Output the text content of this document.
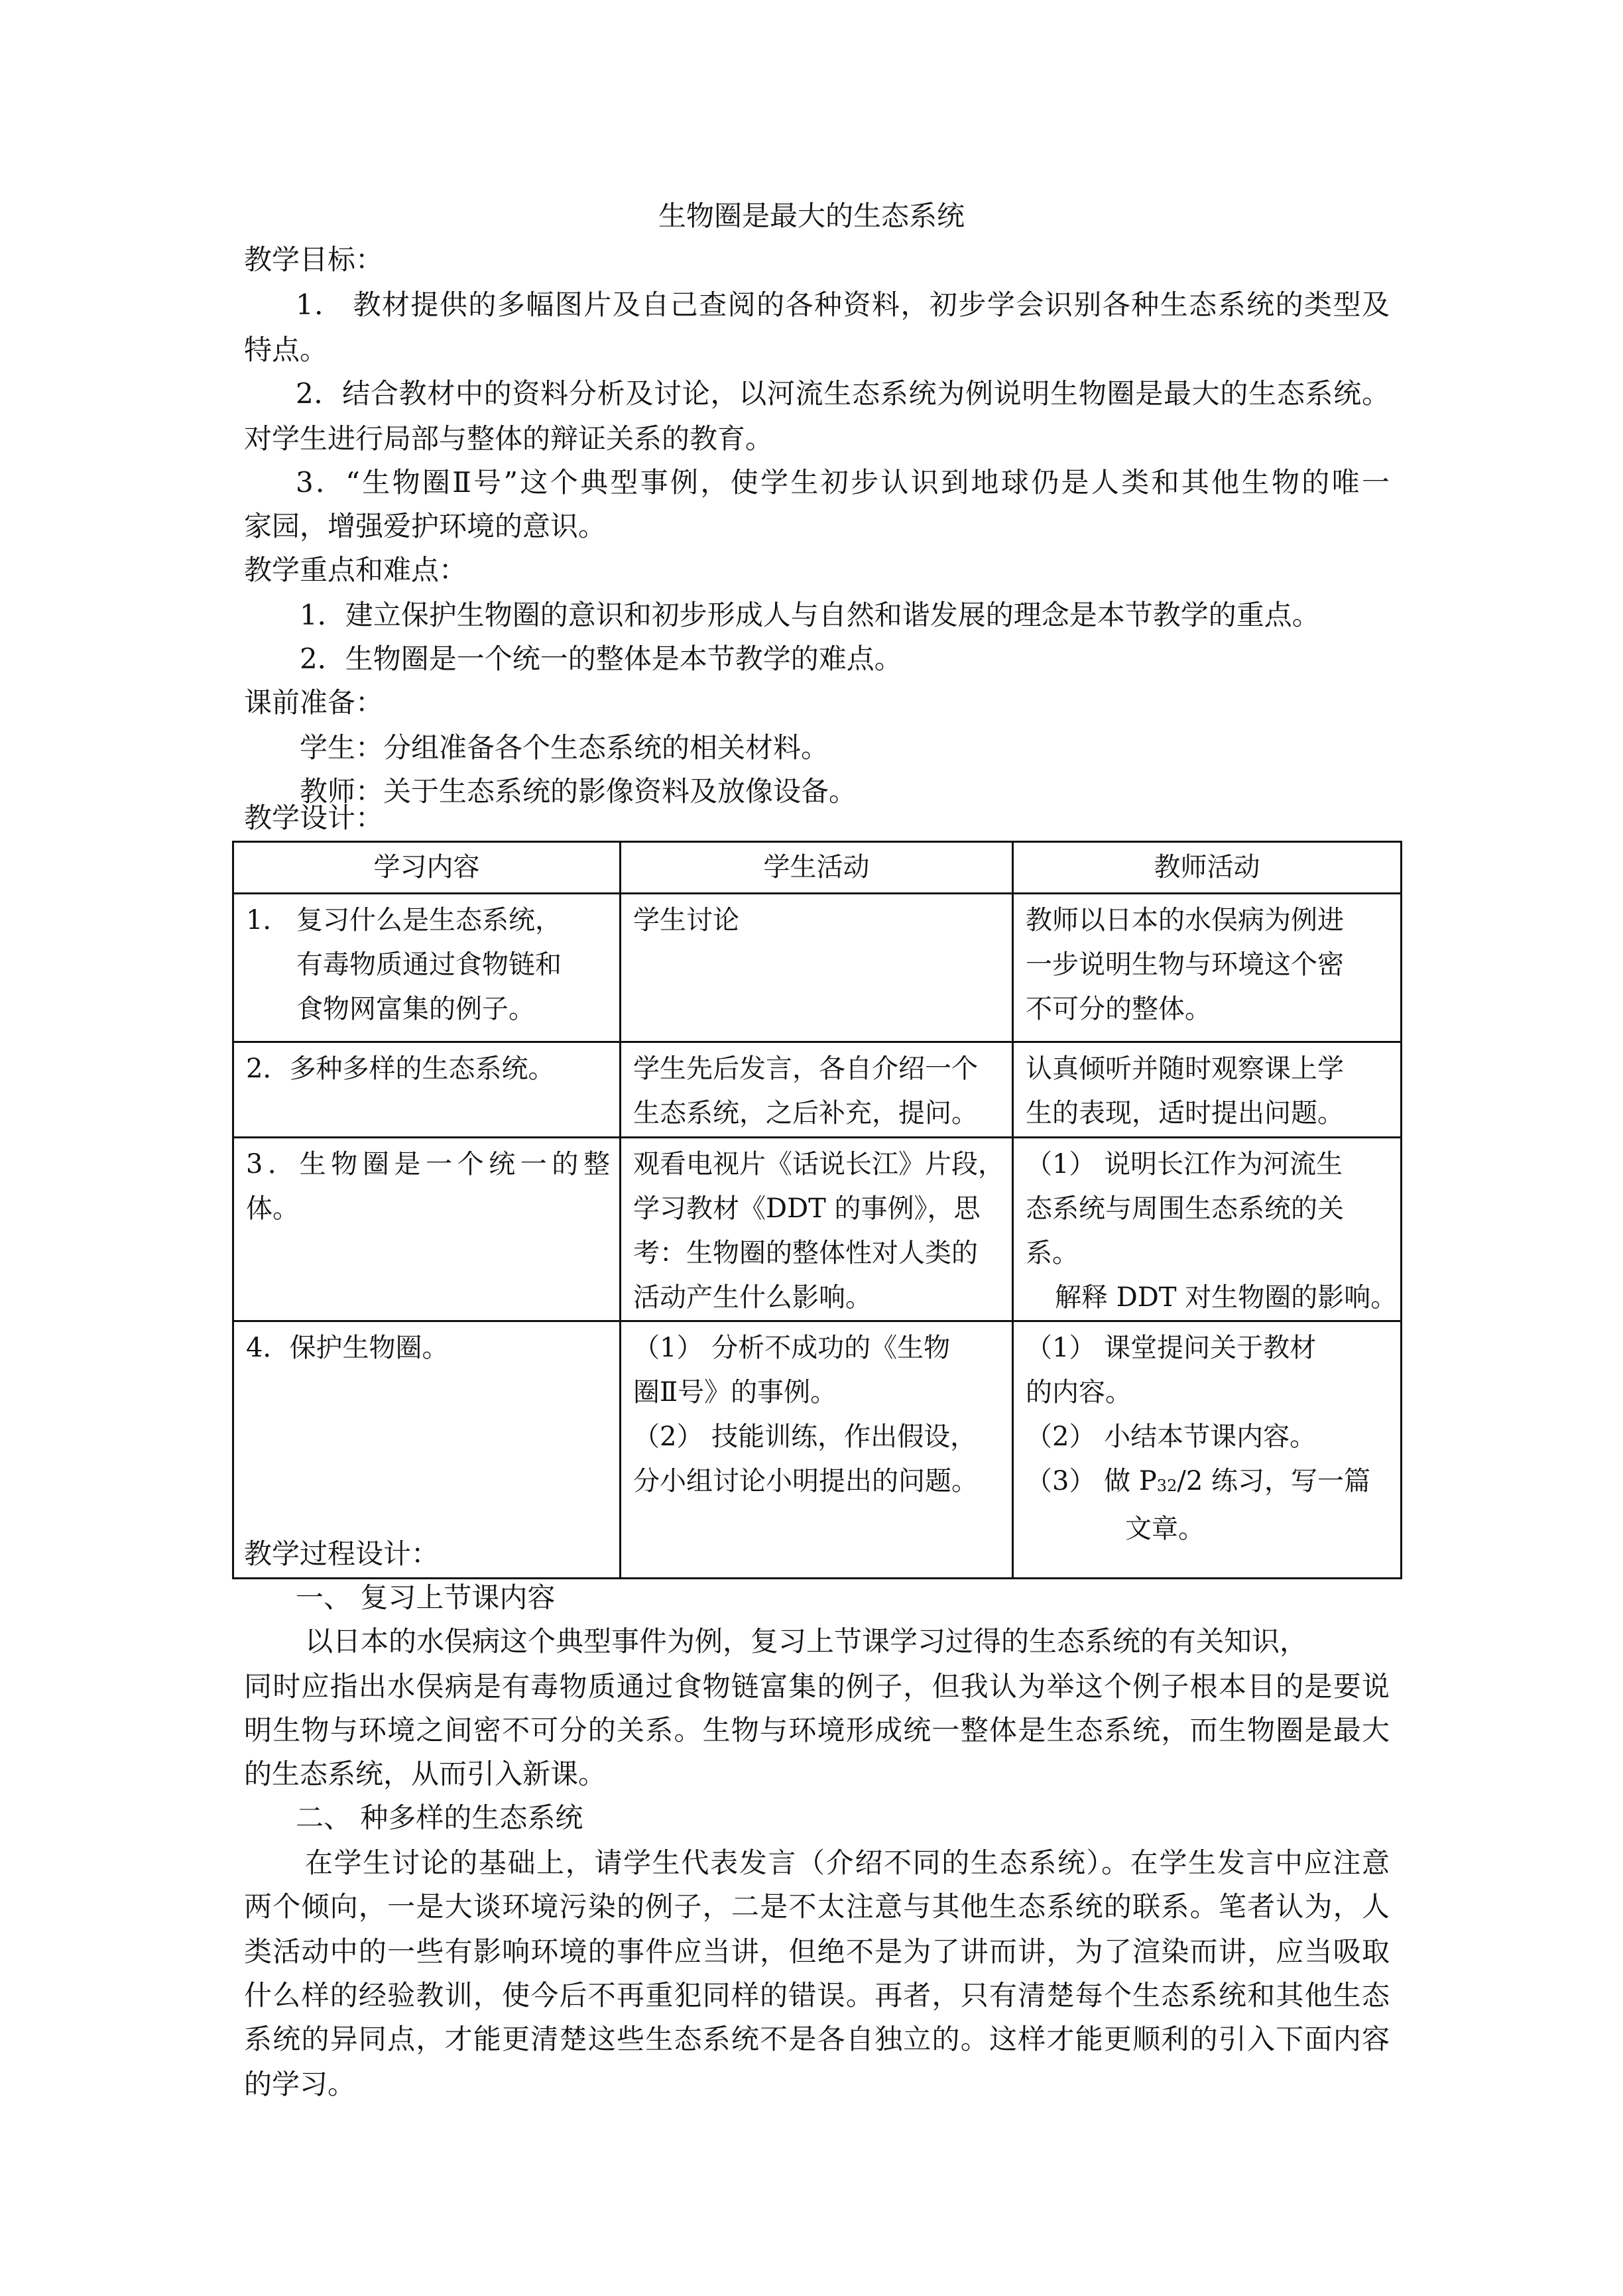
生物圈是最大的生态系统
教学目标：
1． 教材提供的多幅图片及自己查阅的各种资料，初步学会识别各种生态系统的类型及
特点。
2．结合教材中的资料分析及讨论，以河流生态系统为例说明生物圈是最大的生态系统。
对学生进行局部与整体的辩证关系的教育。
3．“生物圈Ⅱ号”这个典型事例，使学生初步认识到地球仍是人类和其他生物的唯一
家园，增强爱护环境的意识。
教学重点和难点：
1．建立保护生物圈的意识和初步形成人与自然和谐发展的理念是本节教学的重点。
2．生物圈是一个统一的整体是本节教学的难点。
课前准备：
学生：分组准备各个生态系统的相关材料。
教师：关于生态系统的影像资料及放像设备。
教学设计：
学习内容	学生活动	教师活动

1． 复习什么是生态系统，
有毒物质通过食物链和
食物网富集的例子。	学生讨论	教师以日本的水俣病为例进
一步说明生物与环境这个密
不可分的整体。

2．多种多样的生态系统。	学生先后发言，各自介绍一个
生态系统，之后补充，提问。	认真倾听并随时观察课上学
生的表现，适时提出问题。

3．生物圈是一个统一的整
体。	观看电视片《话说长江》片段，
学习教材《DDT 的事例》，思
考：生物圈的整体性对人类的
活动产生什么影响。	（1） 说明长江作为河流生
态系统与周围生态系统的关
系。
解释 DDT 对生物圈的影响。

4．保护生物圈。	（1） 分析不成功的《生物
圈Ⅱ号》的事例。
（2） 技能训练，作出假设，
分小组讨论小明提出的问题。	（1） 课堂提问关于教材
的内容。
（2） 小结本节课内容。
（3） 做 $P_{32}/2$ 练习，写一篇
文章。
教学过程设计：
一、 复习上节课内容
以日本的水俣病这个典型事件为例，复习上节课学习过得的生态系统的有关知识，
同时应指出水俣病是有毒物质通过食物链富集的例子，但我认为举这个例子根本目的是要说
明生物与环境之间密不可分的关系。生物与环境形成统一整体是生态系统，而生物圈是最大
的生态系统，从而引入新课。
二、 种多样的生态系统
在学生讨论的基础上，请学生代表发言（介绍不同的生态系统）。在学生发言中应注意
两个倾向，一是大谈环境污染的例子，二是不太注意与其他生态系统的联系。笔者认为，人
类活动中的一些有影响环境的事件应当讲，但绝不是为了讲而讲，为了渲染而讲，应当吸取
什么样的经验教训，使今后不再重犯同样的错误。再者，只有清楚每个生态系统和其他生态
系统的异同点，才能更清楚这些生态系统不是各自独立的。这样才能更顺利的引入下面内容
的学习。
